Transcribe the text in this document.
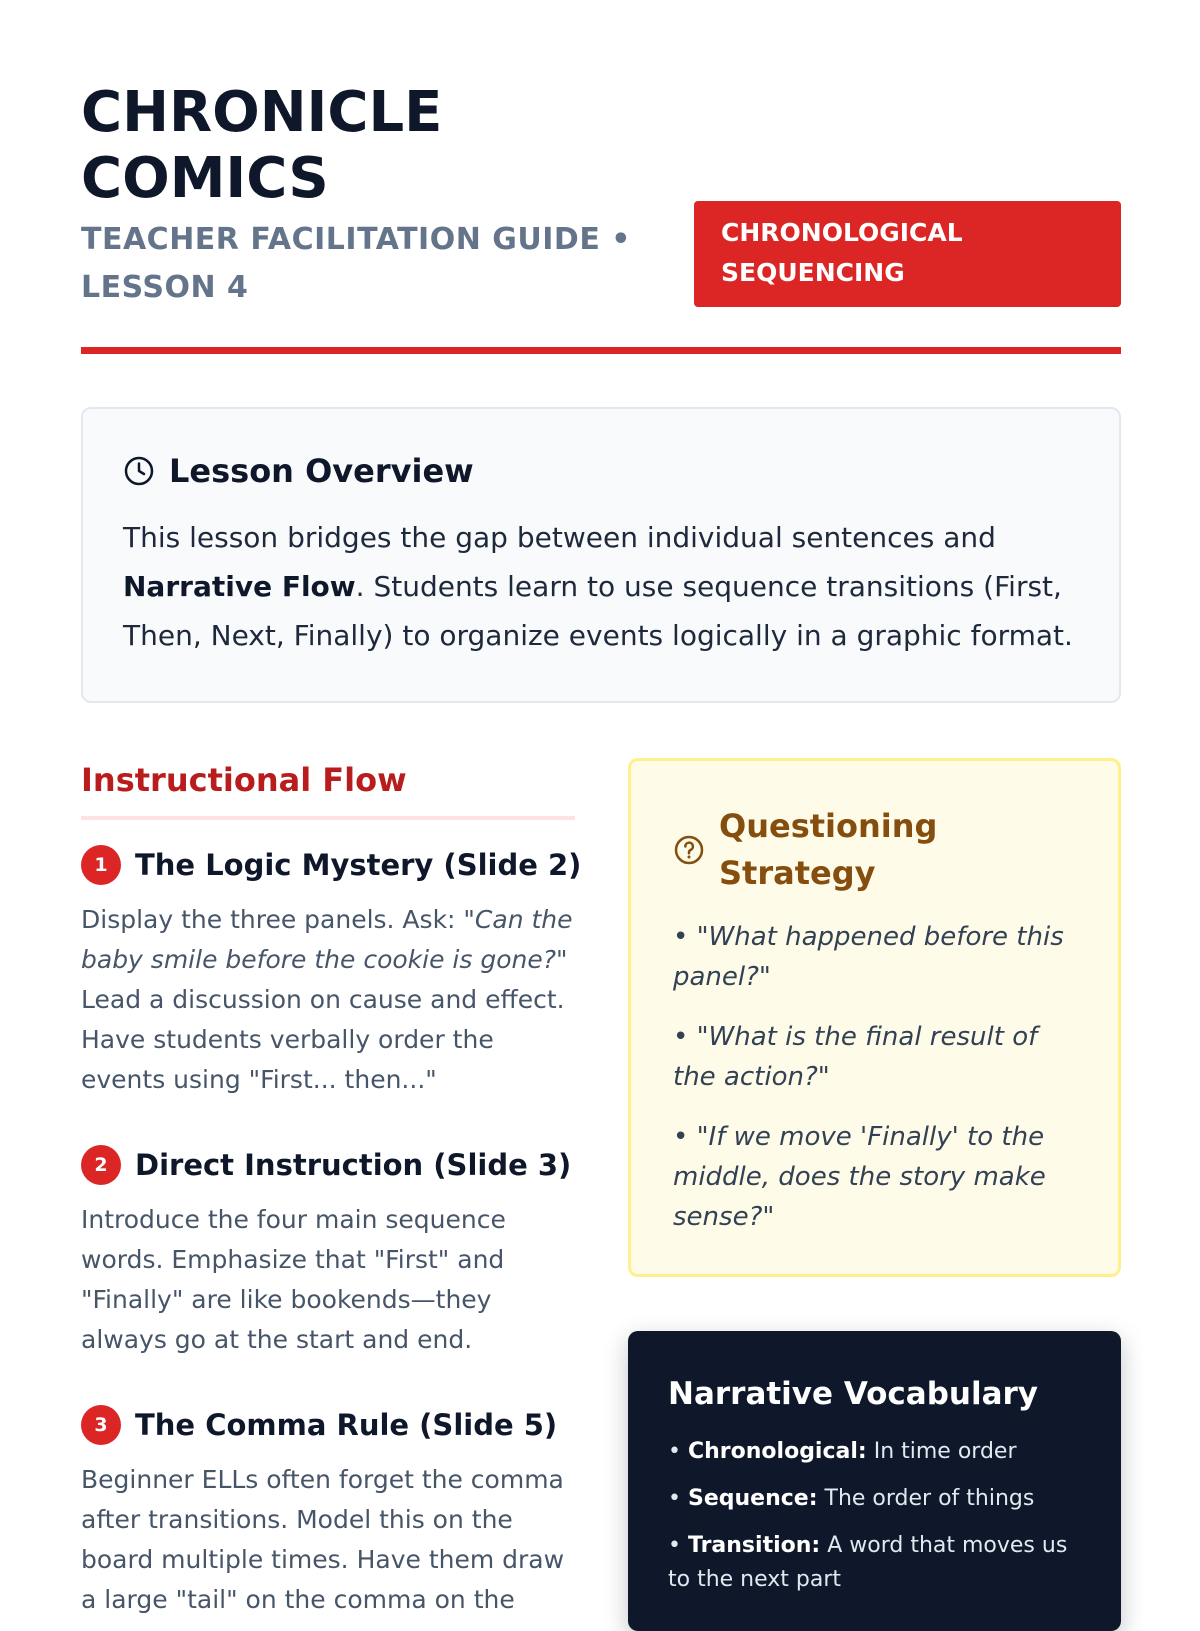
CHRONICLE
COMICS

TEACHER FACILITATION GUIDE • LESSON 4

CHRONOLOGICAL SEQUENCING
Lesson Overview

This lesson bridges the gap between individual sentences and Narrative Flow. Students learn to use sequence transitions (First, Then, Next, Finally) to organize events logically in a graphic format.

Instructional Flow
1 The Logic Mystery (Slide 2)

Display the three panels. Ask: "Can the baby smile before the cookie is gone?" Lead a discussion on cause and effect. Have students verbally order the events using "First... then..."

2 Direct Instruction (Slide 3)

Introduce the four main sequence words. Emphasize that "First" and "Finally" are like bookends—they always go at the start and end.

3 The Comma Rule (Slide 5)

Beginner ELLs often forget the comma after transitions. Model this on the board multiple times. Have them draw a large "tail" on the comma on the

Questioning Strategy
• "What happened before this panel?"
• "What is the final result of the action?"
• "If we move 'Finally' to the middle, does the story make sense?"
Narrative Vocabulary
• Chronological: In time order
• Sequence: The order of things
• Transition: A word that moves us to the next part
